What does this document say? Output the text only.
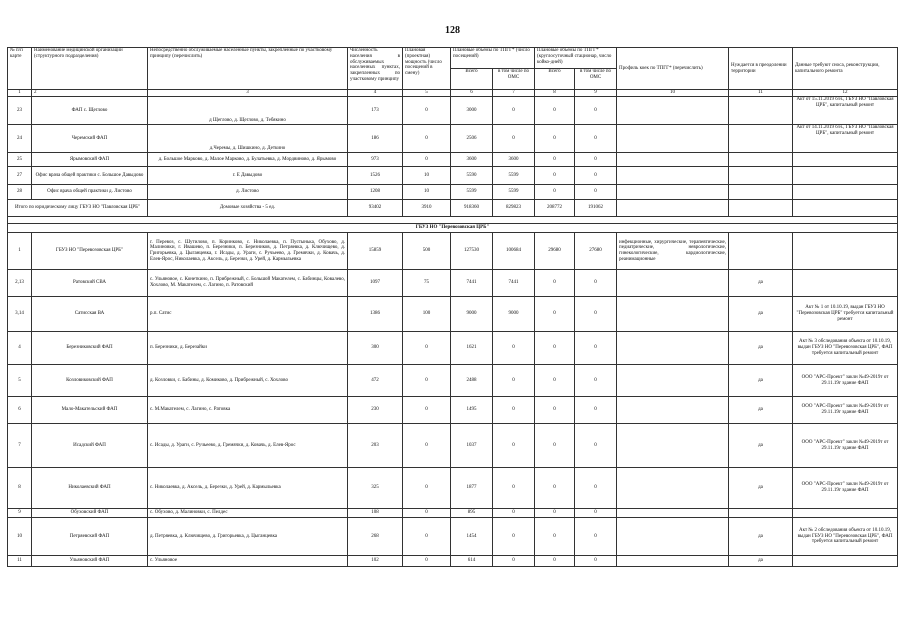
128
№ п/п карте	Наименование медицинской организации (структурного подразделения)	Непосредственно обслуживаемые населенные пункты, закрепленные по участковому принципу (перечислить)	Численность населения в обслуживаемых населенных пунктах, закрепленных по участковому принципу	Плановая (проектная) мощность (число посещений в смену)	Плановые объемы по ТПГГ* (число посещений)		Плановые объемы по ТПГГ* (круглосуточный стационар, число койко-дней)		Профиль коек по ТПГГ* (перечислить)	Нуждается в преодолении территории	Данные требуют сноса, реконструкции, капитального ремонта
					Всего	в том числе по ОМС	Всего	в том числе по ОМС			
1	2	3	4	5	6	7	8	9	10	11	12
23	ФАП с. Щеглово	д Щеглово, д. Щеглово, д. Тебякино	173	0	3000	0	0	0			Акт от 15.11.2019 б/н., ГБУЗ НО "Павловская ЦРБ", капитальный ремонт
24	Черемский ФАП	д.Черемы, д. Шишкино, д. Деткино	186	0	2506	0	0	0			Акт от 14.11.2019 б/н., ГБУЗ НО "Павловская ЦРБ", капитальный ремонт
25	Ярымовский ФАП	д. Большое Марково, д. Малое Марково, д. Булатьевка, д. Мордвиново, д. Ярымово	973	0	3600	3600	0	0			
27	Офис врача общей практики с. Большое Давыдово	г. Е Давыдово	1526	10	5590	5599	0	0			
28	Офис врача общей практики д. Листово	д. Листово	1208	10	5599	5599	0	0			
Итого по юридическому лицу ГБУЗ НО "Павловская ЦРБ"		Домовые хозяйства - 5 ед.	93402	3910	918360	829823	208772	191062			

ГБУЗ НО "Перевозовская ЦРБ"											
1	ГБУЗ НО "Перевозовская ЦРБ"	г. Перевоз, с. Шутилово, п. Коринково, с. Николаевка, п. Пустынька, Обухово, д. Малиновки, г. Ивашево, п. Березники, п. Березников, д. Петряевка, д. Ключищево, д. Григорьевка, д. Цыганцевка, г. Исады, д. Ураги, с. Ручьеево, д. Гремячки, д. Ковачь, д. Елев-Ярос, Николаевка, д. Аксель, д. Березки, д. Урей, д. Кармыльевка	15859	500	127530	100684	29680	27680	инфекционные, хирургические, терапевтические, педиатрические, неврологические, гинекологические, кардиологические, реанимационные		
2,13	Ратовский СВА	с. Ульяновое, с. Конеткино, п. Прибрежный, с. Большой Макателем, с. Бабинцы, Ковалево, Хохлово, М. Макателем, с. Лагино, п. Ратовский	1097	75	7441	7441	0	0		да	
3,14	Сатисская ВА	р.п. Сатис	1386	100	9000	9000	0	0		да	Акт № 1 от 10.10.19, выдан ГБУЗ НО "Перевозовская ЦРБ" требуется капитальный ремонт
4	Березниковский ФАП	п. Березники, д. Березайки	300	0	1621	0	0	0		да	Акт № 3 обследования объекта от 10.10.19, выдан ГБУЗ НО "Перевозовская ЦРБ", ФАП требуется капитальный ремонт
5	Козловиковский ФАП	д. Козловки, с. Бабины, д. Комиково, д. Прибрежный, с. Хохлово	472	0	2488	0	0	0		да	ООО "АРС-Проект" заклн №49-2019т от 29.11.19г здание ФАП
6	Мало-Макательский ФАП	с. М.Макателем, с. Лагино, с. Ратовка	230	0	1495	0	0	0		да	ООО "АРС-Проект" заклн №49-2019т от 29.11.19г здание ФАП
7	Исадский ФАП	с. Исады, д. Ураги, с. Ручьеево, д. Гремячки, д. Ковачь, д. Елев-Ярос	203	0	1037	0	0	0		да	ООО "АРС-Проект" заклн №49-2019т от 29.11.19г здание ФАП
8	Николаевский ФАП	с. Николаевка, д. Аксель, д. Березки, д. Урей, д. Кармыльевка	325	0	1877	0	0	0		да	ООО "АРС-Проект" заклн №49-2019т от 29.11.19г здание ФАП
9	Обуховский ФАП	с. Обухово, д. Малиновки, с. Пелдес	108	0	895	0	0	0			
10	Петряевский ФАП	д. Петряевка, д. Ключищево, д. Григорьевка, д. Цыганцевка	268	0	1454	0	0	0		да	Акт № 2 обследования объекта от 10.10.19, выдан ГБУЗ НО "Перевозовская ЦРБ", ФАП требуется капитальный ремонт
11	Ульяновский ФАП	с. Ульяновое	102	0	614	0	0	0		да	
